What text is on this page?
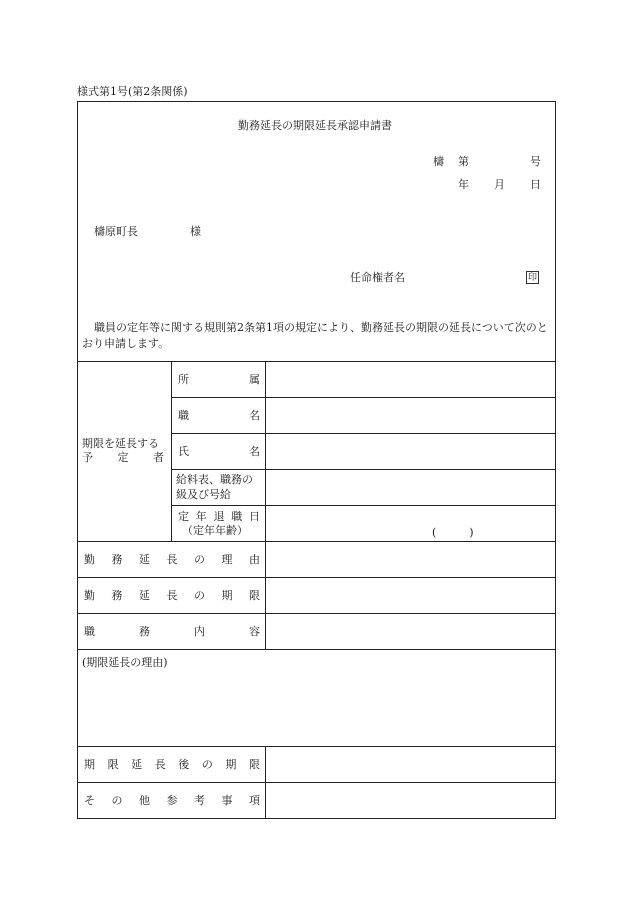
様式第1号(第2条関係)
勤務延長の期限延長承認申請書
檮 第	号
年 月 日
檮原町長	様
任命権者名	印
職員の定年等に関する規則第2条第1項の規定により、勤務延長の期限の延長について次のとおり申請します。
期限を延長する
予 定 者
所	属
職	名
氏	名
給料表、職務の
級及び号給
定 年 退 職 日
（定年年齢）	(　　　)
勤 務 延 長 の 理 由
勤 務 延 長 の 期 限
職	務	内	容
(期限延長の理由)
期 限 延 長 後 の 期 限
そ の 他 参 考 事 項
